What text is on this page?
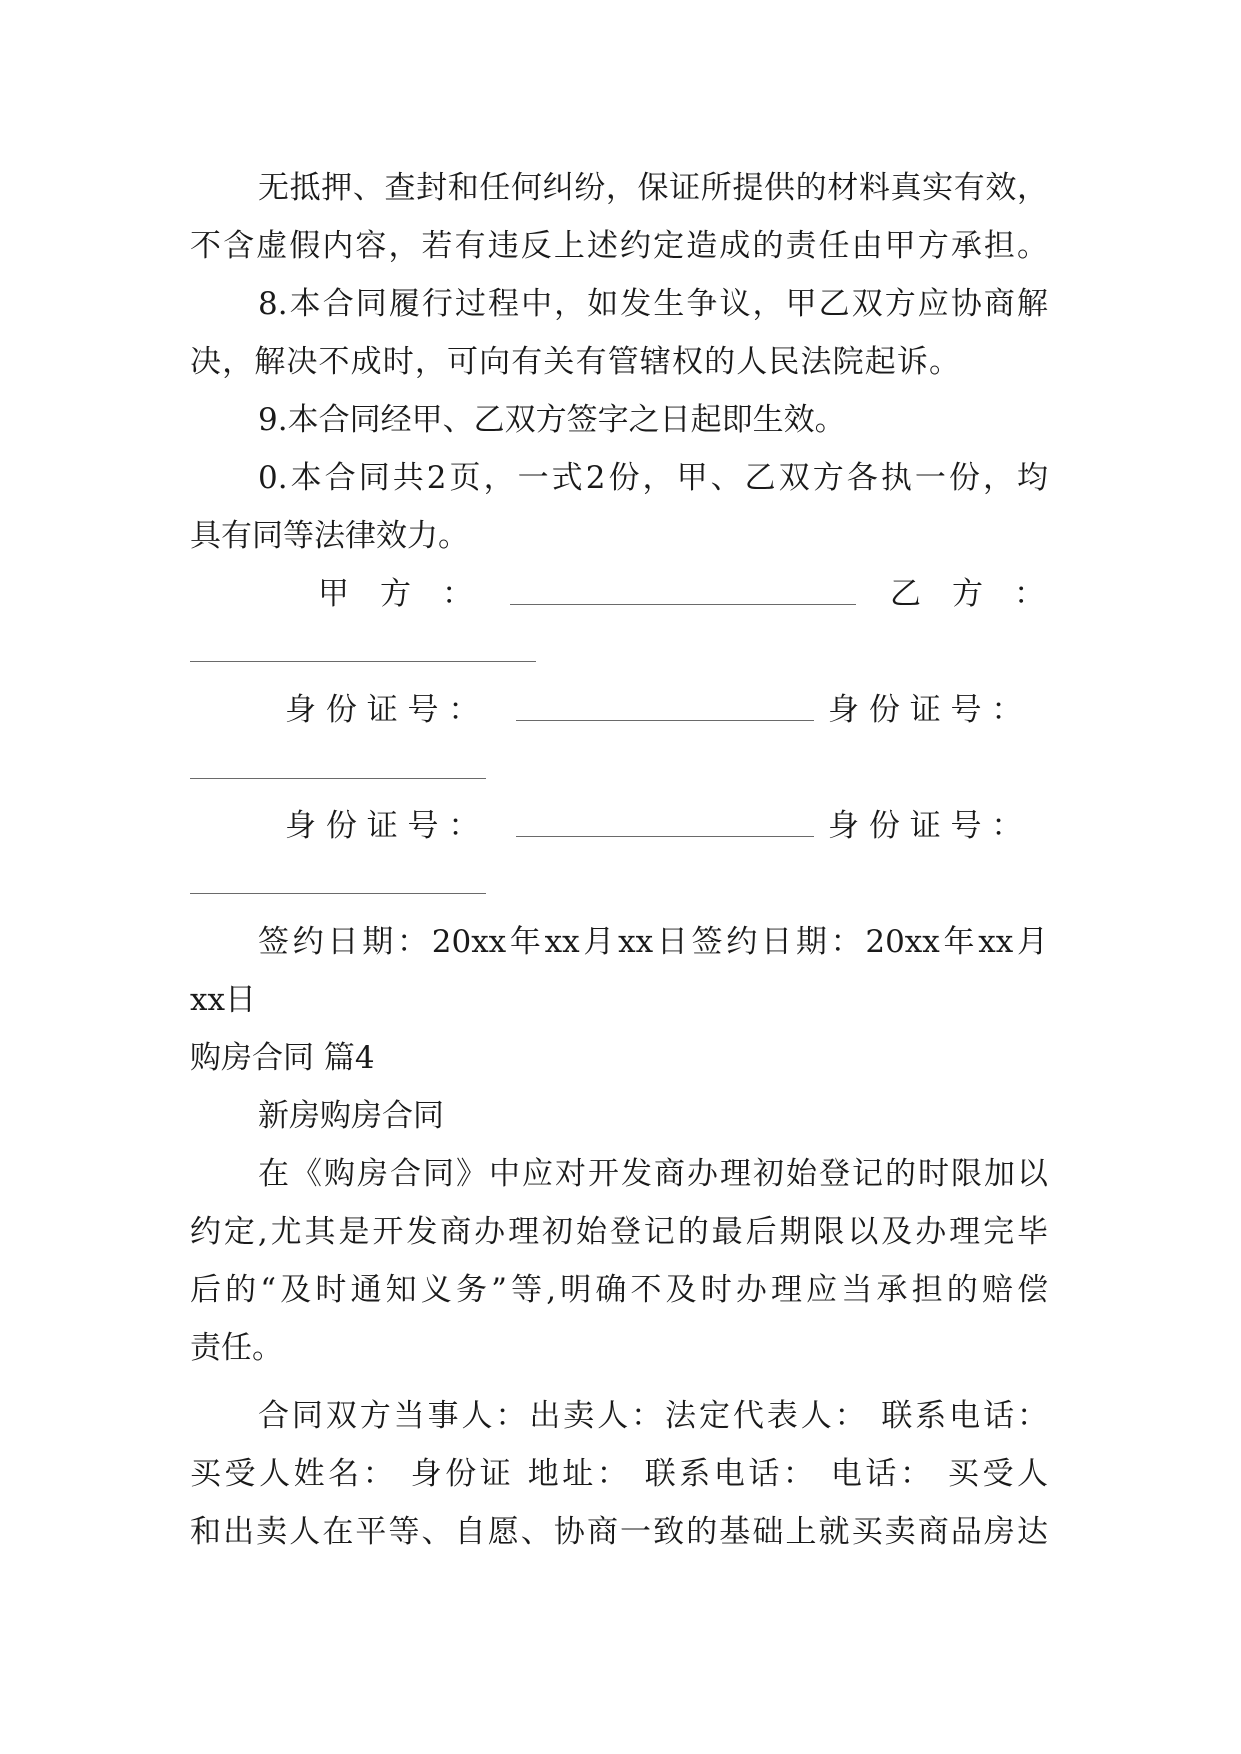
无抵押、查封和任何纠纷，保证所提供的材料真实有效，
不含虚假内容，若有违反上述约定造成的责任由甲方承担。
8.本合同履行过程中，如发生争议，甲乙双方应协商解
决，解决不成时，可向有关有管辖权的人民法院起诉。
9.本合同经甲、乙双方签字之日起即生效。
0.本合同共2页，一式2份，甲、乙双方各执一份，均
具有同等法律效力。
甲　方　：	乙　方　：
身 份 证 号 ：	身 份 证 号 ：
身 份 证 号 ：	身 份 证 号 ：
签约日期：20xx年xx月xx日签约日期：20xx年xx月
xx日
购房合同 篇4
新房购房合同
在《购房合同》中应对开发商办理初始登记的时限加以
约定,尤其是开发商办理初始登记的最后期限以及办理完毕
后的“及时通知义务”等,明确不及时办理应当承担的赔偿
责任。
合同双方当事人：出卖人：法定代表人： 联系电话：
买受人姓名： 身份证 地址： 联系电话： 电话： 买受人
和出卖人在平等、自愿、协商一致的基础上就买卖商品房达
